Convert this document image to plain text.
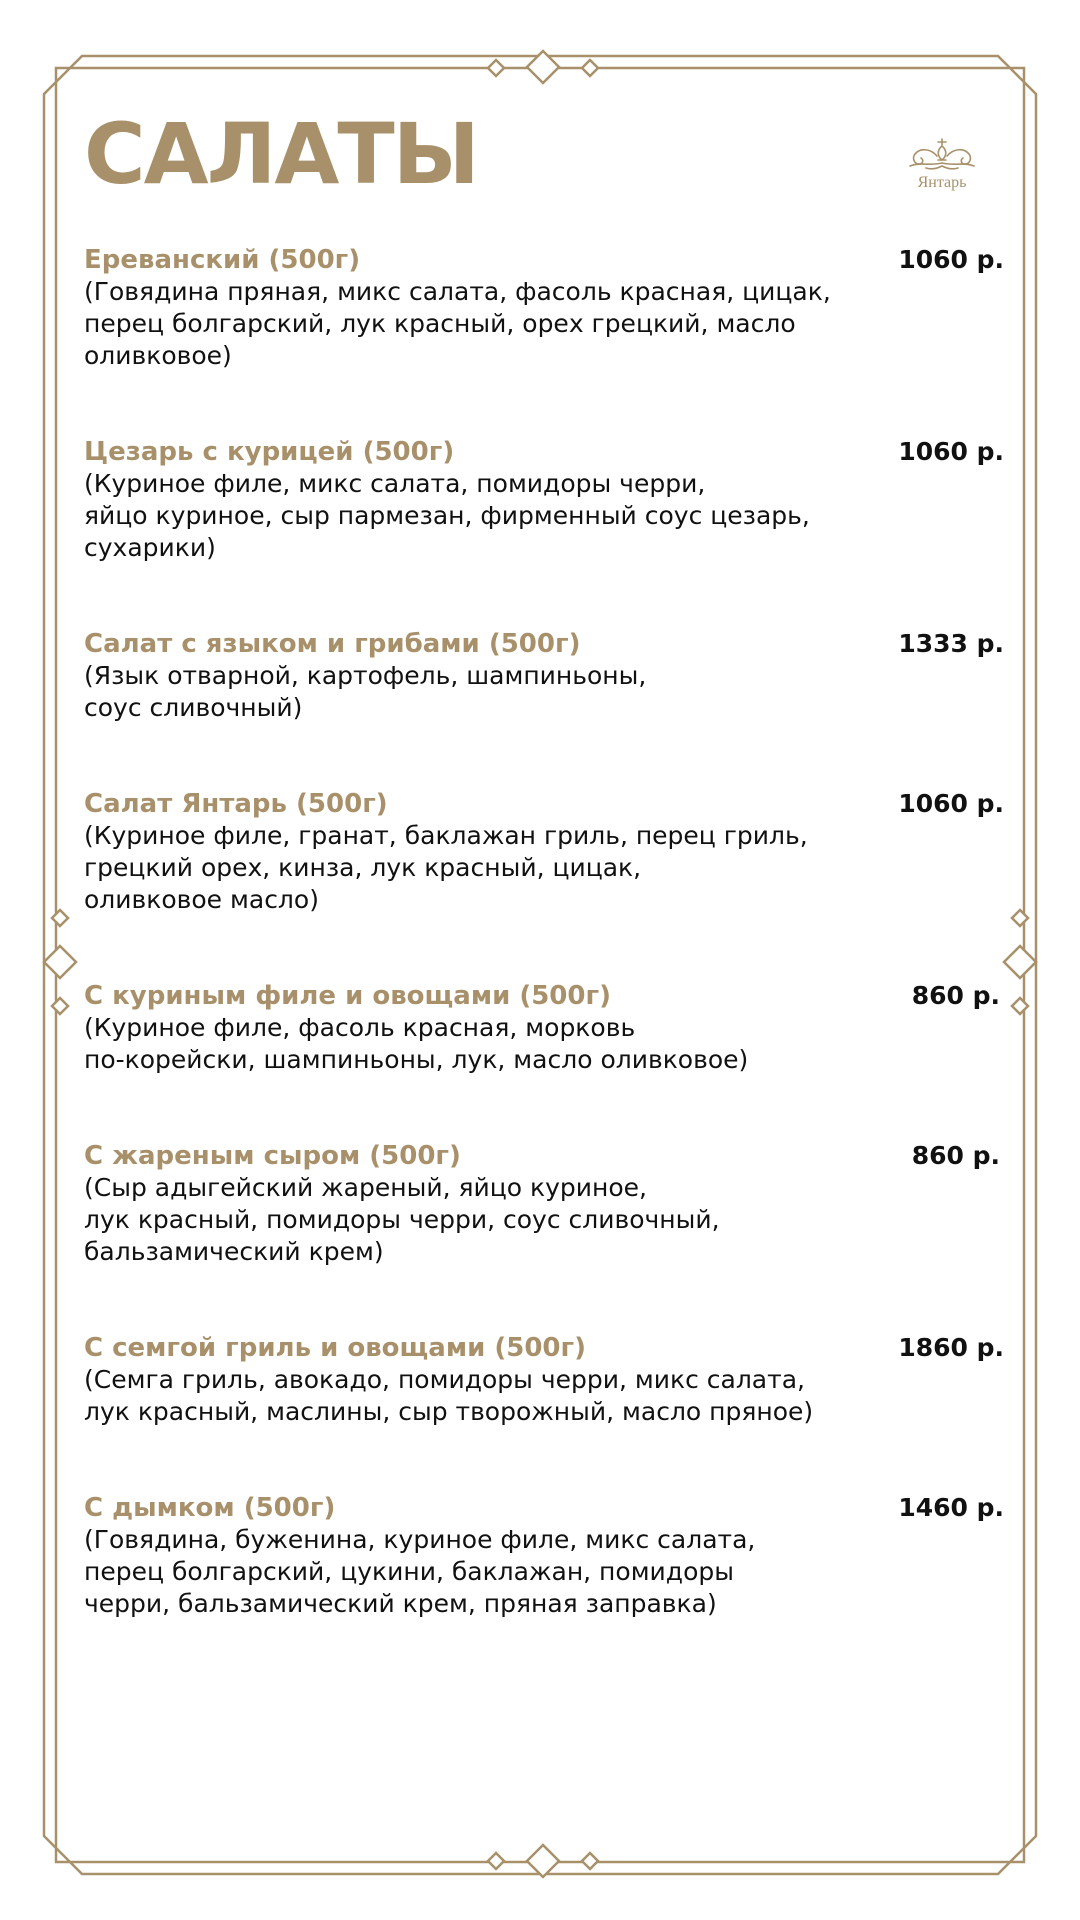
САЛАТЫ	Янтарь
Ереванский (500г)	1060 р.
(Говядина пряная, микс салата, фасоль красная, цицак,
перец болгарский, лук красный, орех грецкий, масло
оливковое)
Цезарь с курицей (500г)	1060 р.
(Куриное филе, микс салата, помидоры черри,
яйцо куриное, сыр пармезан, фирменный соус цезарь,
сухарики)
Салат с языком и грибами (500г)	1333 р.
(Язык отварной, картофель, шампиньоны,
соус сливочный)
Салат Янтарь (500г)	1060 р.
(Куриное филе, гранат, баклажан гриль, перец гриль,
грецкий орех, кинза, лук красный, цицак,
оливковое масло)
С куриным филе и овощами (500г)	860 р.
(Куриное филе, фасоль красная, морковь
по-корейски, шампиньоны, лук, масло оливковое)
С жареным сыром (500г)	860 р.
(Сыр адыгейский жареный, яйцо куриное,
лук красный, помидоры черри, соус сливочный,
бальзамический крем)
С семгой гриль и овощами (500г)	1860 р.
(Семга гриль, авокадо, помидоры черри, микс салата,
лук красный, маслины, сыр творожный, масло пряное)
С дымком (500г)	1460 р.
(Говядина, буженина, куриное филе, микс салата,
перец болгарский, цукини, баклажан, помидоры
черри, бальзамический крем, пряная заправка)
